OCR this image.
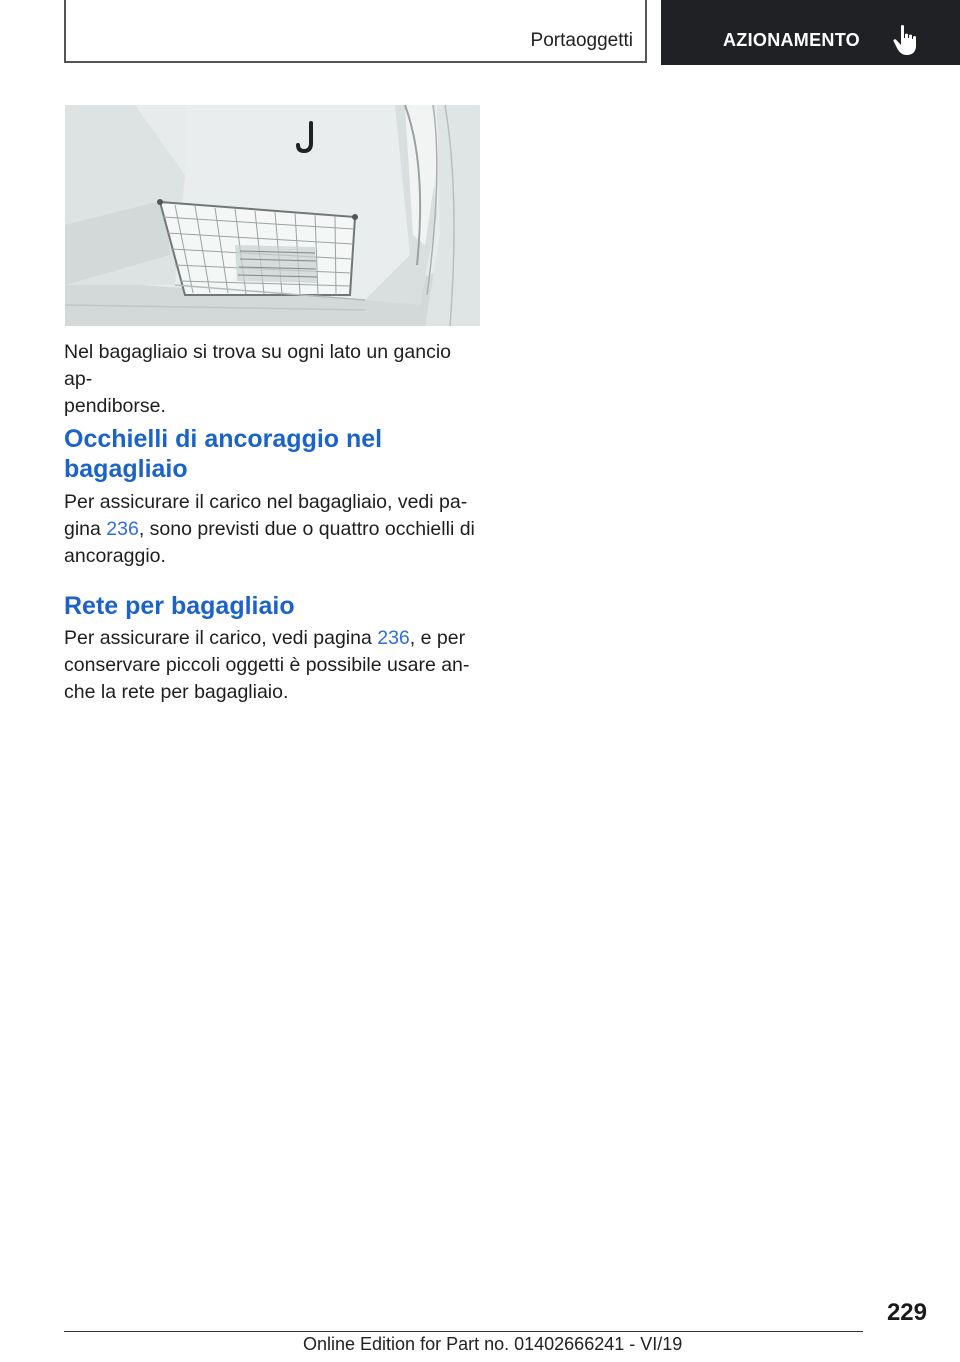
Portaoggetti	AZIONAMENTO

Nel bagagliaio si trova su ogni lato un gancio ap-
pendiborse.

Occhielli di ancoraggio nel
bagagliaio

Per assicurare il carico nel bagagliaio, vedi pa-
gina 236, sono previsti due o quattro occhielli di
ancoraggio.

Rete per bagagliaio

Per assicurare il carico, vedi pagina 236, e per
conservare piccoli oggetti è possibile usare an-
che la rete per bagagliaio.

229
Online Edition for Part no. 01402666241 - VI/19
